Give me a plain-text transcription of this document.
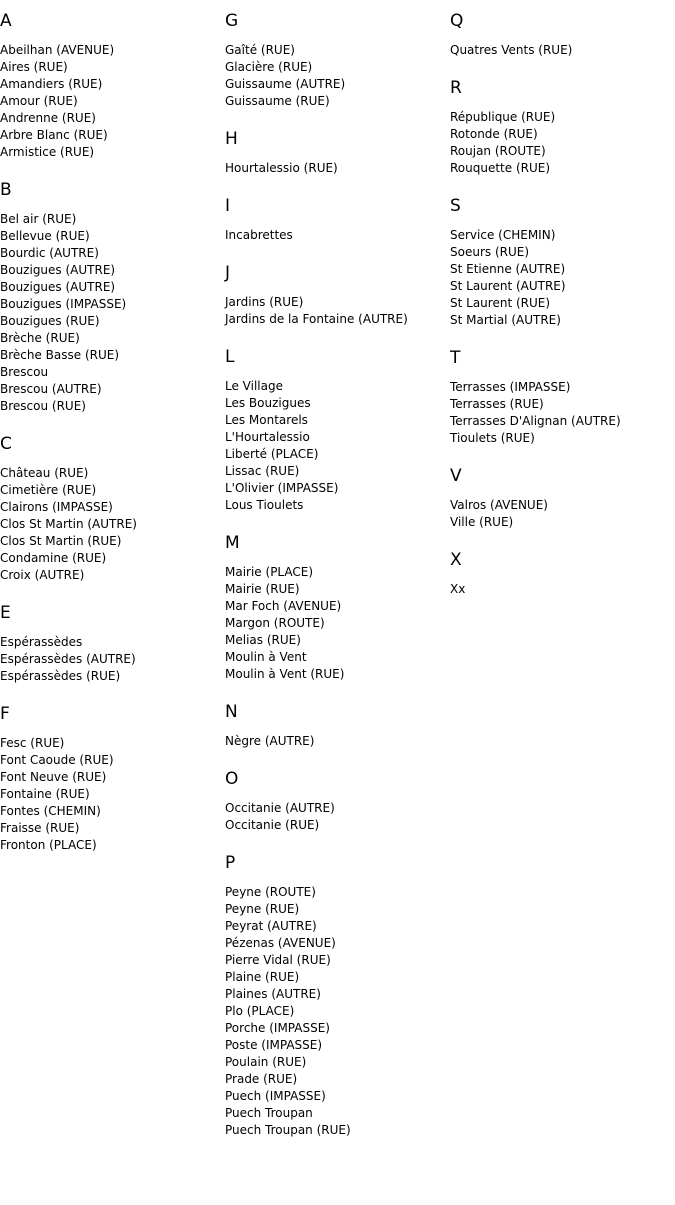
A
Abeilhan (AVENUE)
Aires (RUE)
Amandiers (RUE)
Amour (RUE)
Andrenne (RUE)
Arbre Blanc (RUE)
Armistice (RUE)
B
Bel air (RUE)
Bellevue (RUE)
Bourdic (AUTRE)
Bouzigues (AUTRE)
Bouzigues (AUTRE)
Bouzigues (IMPASSE)
Bouzigues (RUE)
Brèche (RUE)
Brèche Basse (RUE)
Brescou
Brescou (AUTRE)
Brescou (RUE)
C
Château (RUE)
Cimetière (RUE)
Clairons (IMPASSE)
Clos St Martin (AUTRE)
Clos St Martin (RUE)
Condamine (RUE)
Croix (AUTRE)
E
Espérassèdes
Espérassèdes (AUTRE)
Espérassèdes (RUE)
F
Fesc (RUE)
Font Caoude (RUE)
Font Neuve (RUE)
Fontaine (RUE)
Fontes (CHEMIN)
Fraisse (RUE)
Fronton (PLACE)
G
Gaîté (RUE)
Glacière (RUE)
Guissaume (AUTRE)
Guissaume (RUE)
H
Hourtalessio (RUE)
I
Incabrettes
J
Jardins (RUE)
Jardins de la Fontaine (AUTRE)
L
Le Village
Les Bouzigues
Les Montarels
L'Hourtalessio
Liberté (PLACE)
Lissac (RUE)
L'Olivier (IMPASSE)
Lous Tioulets
M
Mairie (PLACE)
Mairie (RUE)
Mar Foch (AVENUE)
Margon (ROUTE)
Melias (RUE)
Moulin à Vent
Moulin à Vent (RUE)
N
Nègre (AUTRE)
O
Occitanie (AUTRE)
Occitanie (RUE)
P
Peyne (ROUTE)
Peyne (RUE)
Peyrat (AUTRE)
Pézenas (AVENUE)
Pierre Vidal (RUE)
Plaine (RUE)
Plaines (AUTRE)
Plo (PLACE)
Porche (IMPASSE)
Poste (IMPASSE)
Poulain (RUE)
Prade (RUE)
Puech (IMPASSE)
Puech Troupan
Puech Troupan (RUE)
Q
Quatres Vents (RUE)
R
République (RUE)
Rotonde (RUE)
Roujan (ROUTE)
Rouquette (RUE)
S
Service (CHEMIN)
Soeurs (RUE)
St Etienne (AUTRE)
St Laurent (AUTRE)
St Laurent (RUE)
St Martial (AUTRE)
T
Terrasses (IMPASSE)
Terrasses (RUE)
Terrasses D'Alignan (AUTRE)
Tioulets (RUE)
V
Valros (AVENUE)
Ville (RUE)
X
Xx
